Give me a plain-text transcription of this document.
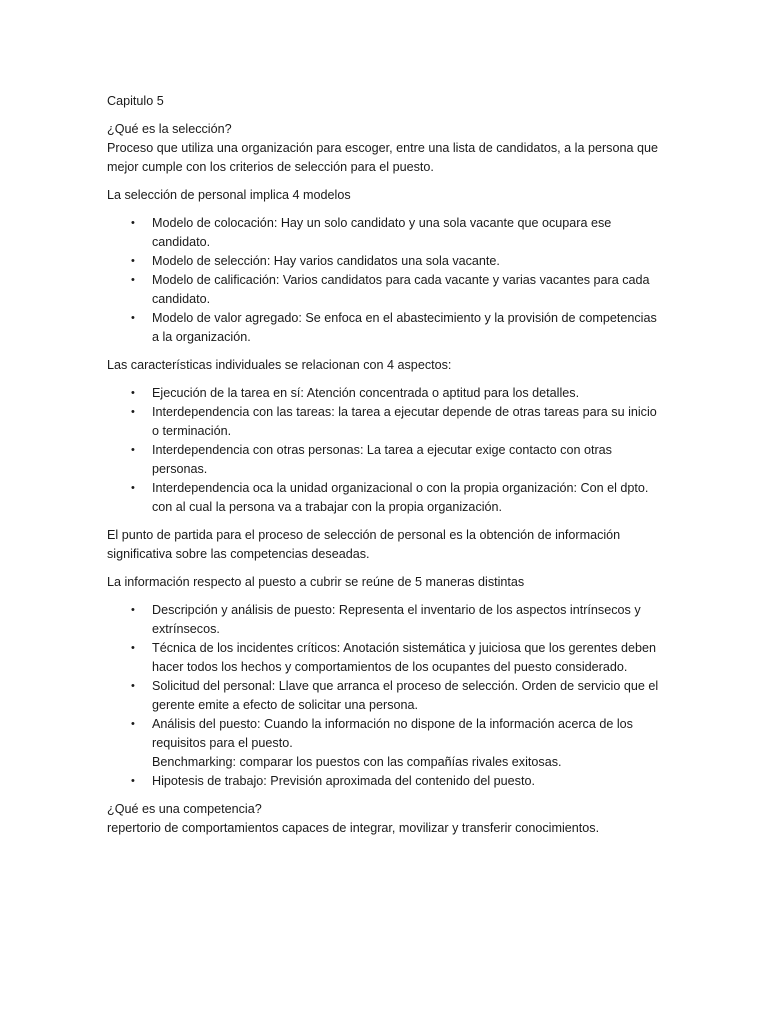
Capitulo 5

¿Qué es la selección?
Proceso que utiliza una organización para escoger, entre una lista de candidatos, a la persona que mejor cumple con los criterios de selección para el puesto.

La selección de personal implica 4 modelos

• Modelo de colocación: Hay un solo candidato y una sola vacante que ocupara ese candidato.
• Modelo de selección: Hay varios candidatos una sola vacante.
• Modelo de calificación: Varios candidatos para cada vacante y varias vacantes para cada candidato.
• Modelo de valor agregado: Se enfoca en el abastecimiento y la provisión de competencias a la organización.

Las características individuales se relacionan con 4 aspectos:

• Ejecución de la tarea en sí: Atención concentrada o aptitud para los detalles.
• Interdependencia con las tareas: la tarea a ejecutar depende de otras tareas para su inicio o terminación.
• Interdependencia con otras personas: La tarea a ejecutar exige contacto con otras personas.
• Interdependencia oca la unidad organizacional o con la propia organización: Con el dpto. con al cual la persona va a trabajar con la propia organización.

El punto de partida para el proceso de selección de personal es la obtención de información significativa sobre las competencias deseadas.

La información respecto al puesto a cubrir se reúne de 5 maneras distintas

• Descripción y análisis de puesto: Representa el inventario de los aspectos intrínsecos y extrínsecos.
• Técnica de los incidentes críticos: Anotación sistemática y juiciosa que los gerentes deben hacer todos los hechos y comportamientos de los ocupantes del puesto considerado.
• Solicitud del personal: Llave que arranca el proceso de selección. Orden de servicio que el gerente emite a efecto de solicitar una persona.
• Análisis del puesto: Cuando la información no dispone de la información acerca de los requisitos para el puesto.
Benchmarking: comparar los puestos con las compañías rivales exitosas.
• Hipotesis de trabajo: Previsión aproximada del contenido del puesto.
¿Qué es una competencia?
repertorio de comportamientos capaces de integrar, movilizar y transferir conocimientos.
